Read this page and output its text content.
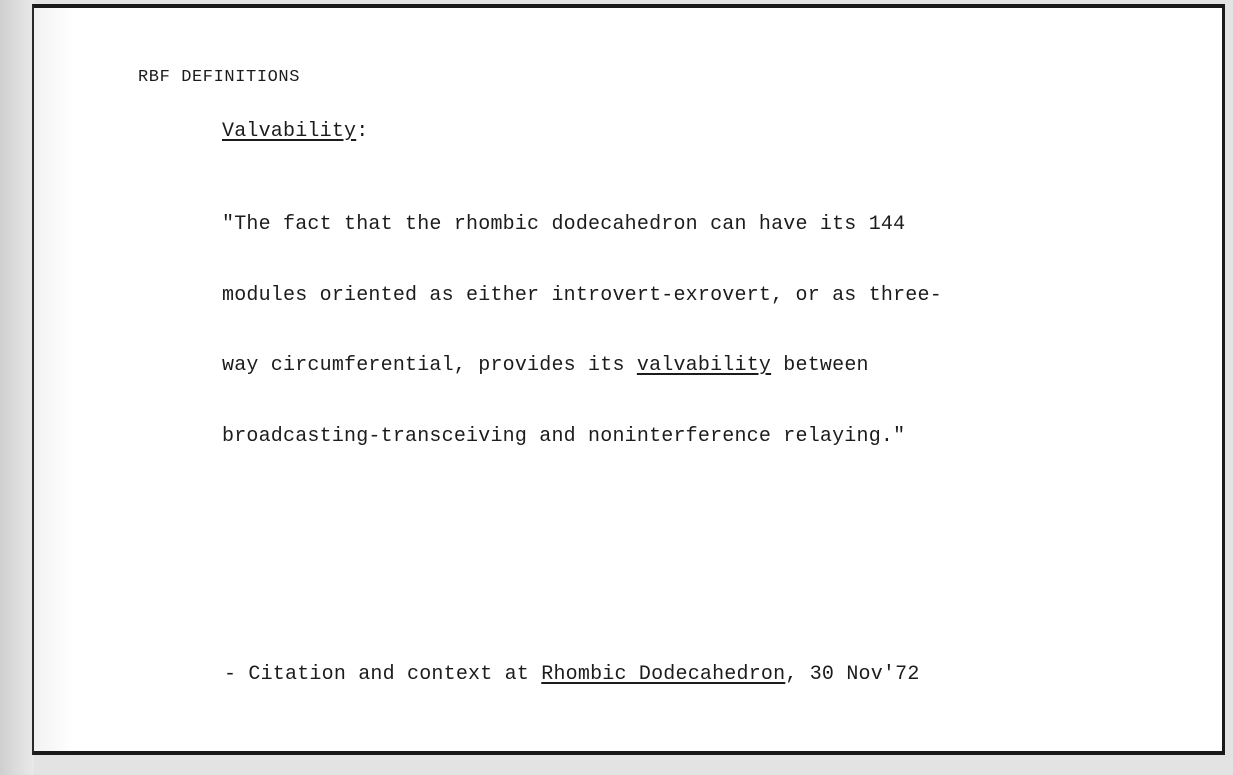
RBF DEFINITIONS
Valvability:

"The fact that the rhombic dodecahedron can have its 144

modules oriented as either introvert-exrovert, or as three-

way circumferential, provides its valvability between

broadcasting-transceiving and noninterference relaying."

- Citation and context at Rhombic Dodecahedron, 30 Nov'72
